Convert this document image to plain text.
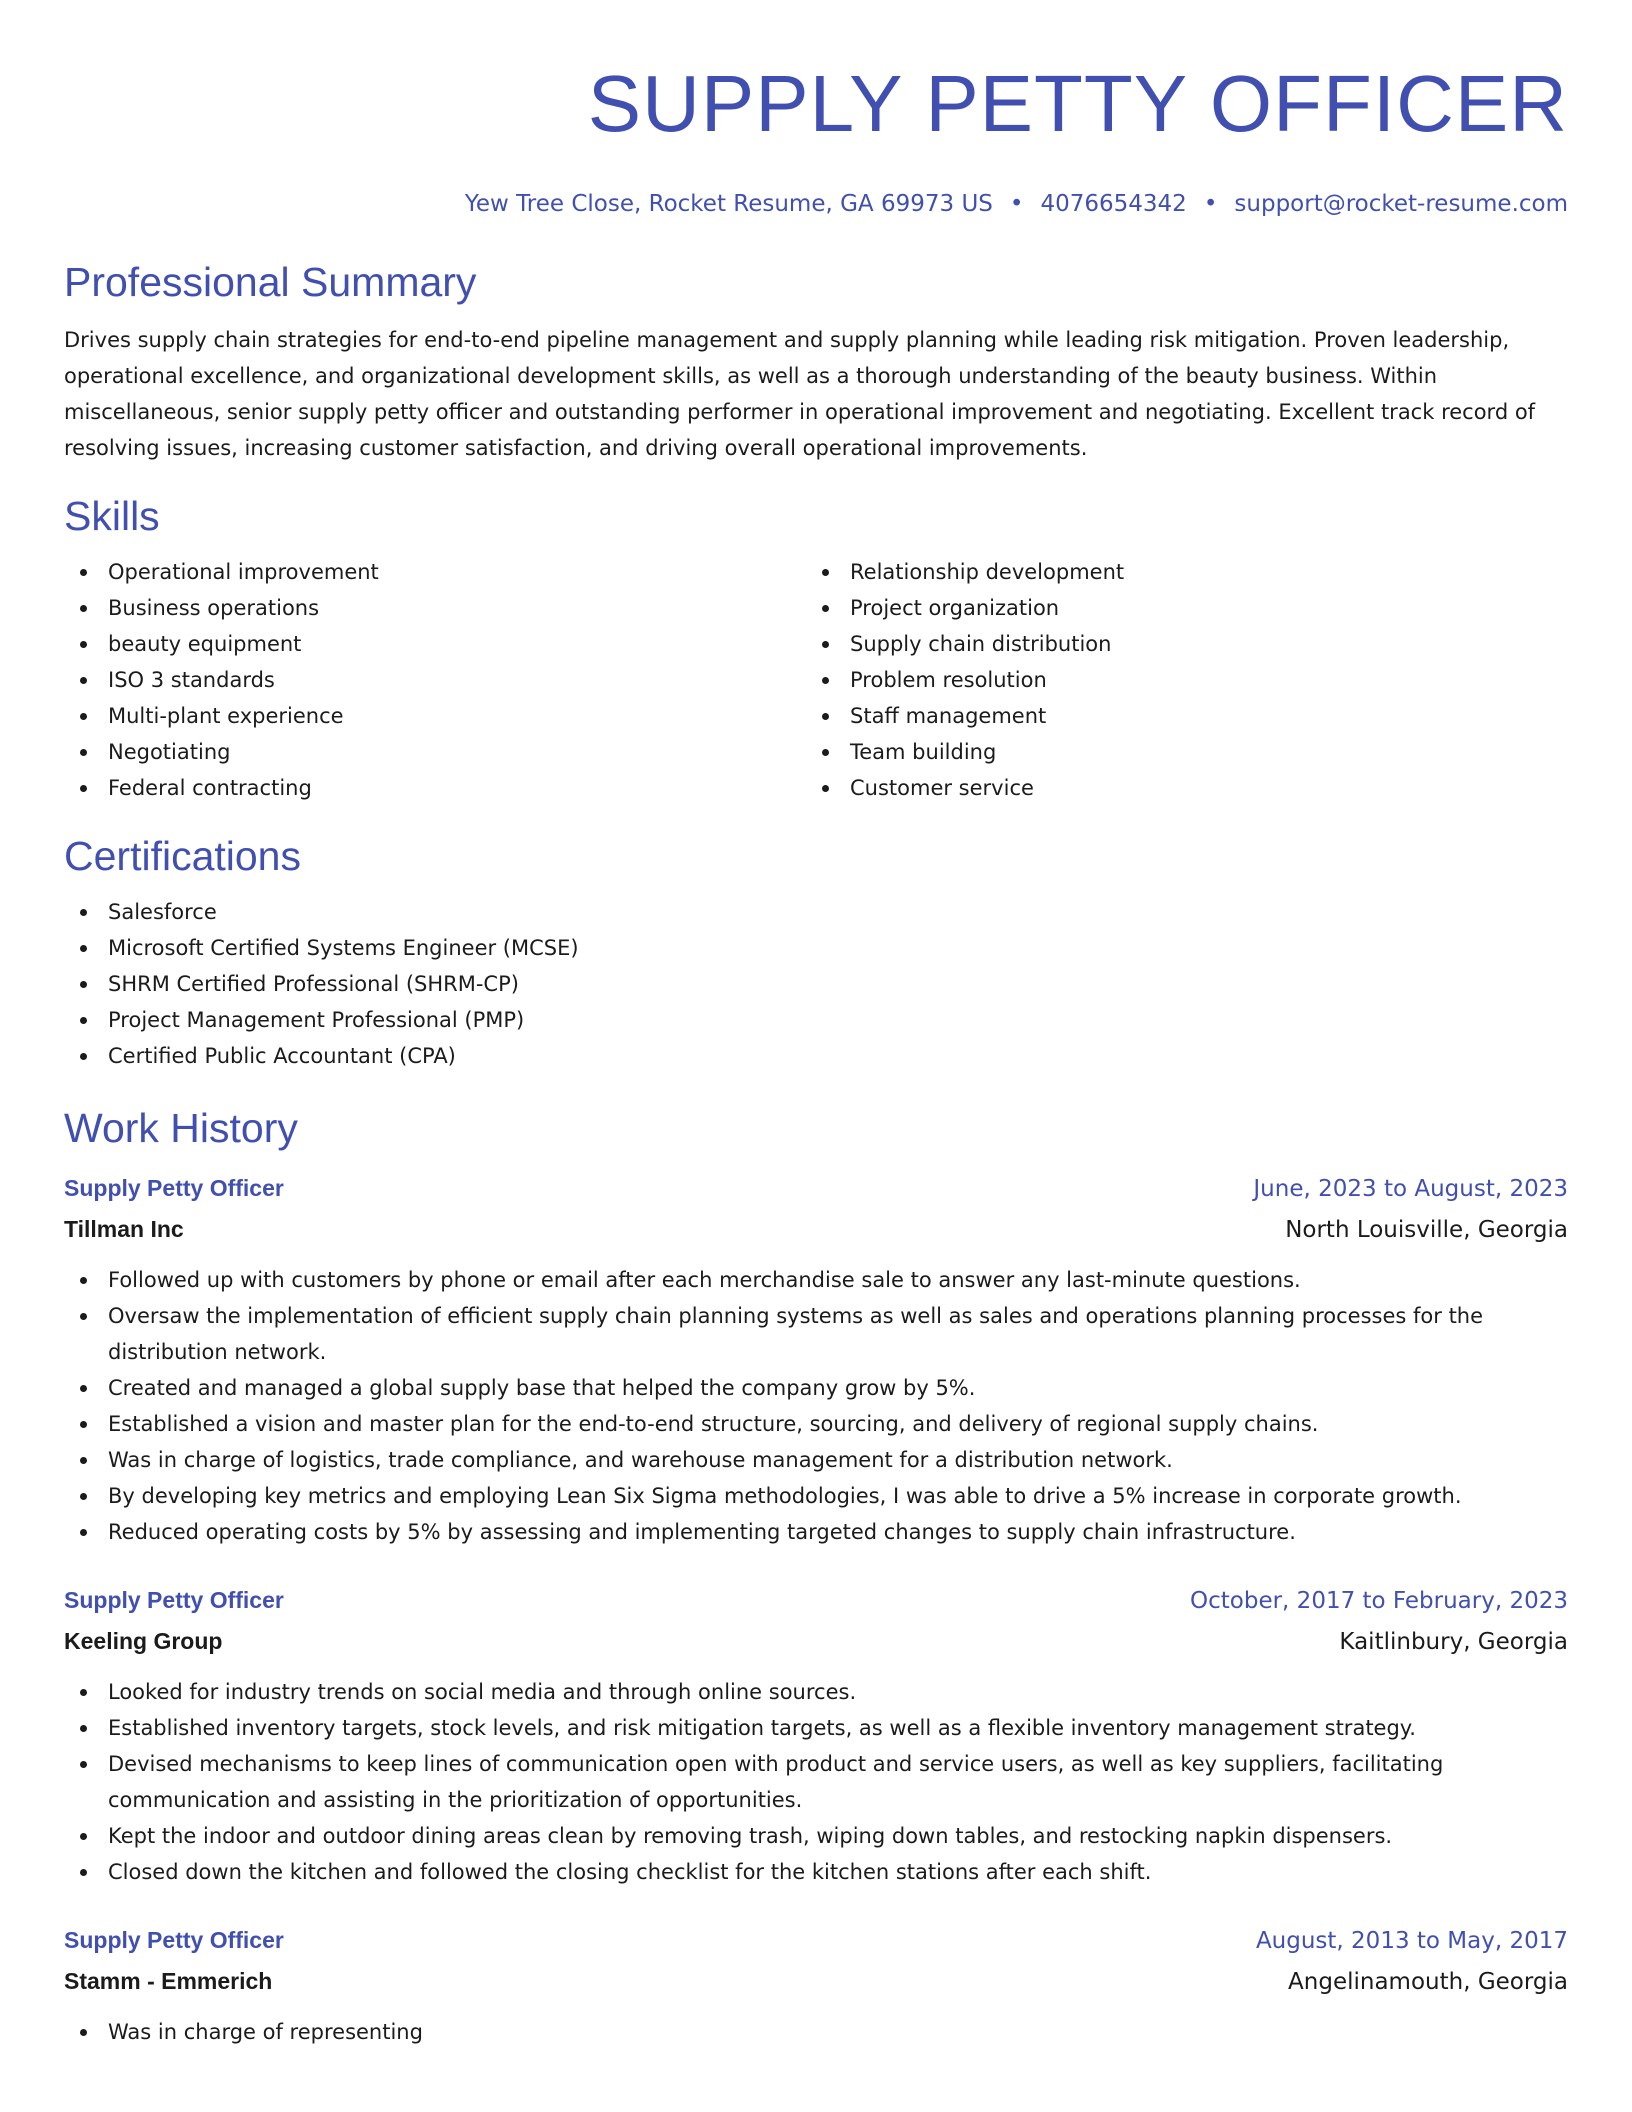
SUPPLY PETTY OFFICER
Yew Tree Close, Rocket Resume, GA 69973 US • 4076654342 • support@rocket-resume.com
Professional Summary

Drives supply chain strategies for end-to-end pipeline management and supply planning while leading risk mitigation. Proven leadership, operational excellence, and organizational development skills, as well as a thorough understanding of the beauty business. Within miscellaneous, senior supply petty officer and outstanding performer in operational improvement and negotiating. Excellent track record of resolving issues, increasing customer satisfaction, and driving overall operational improvements.

Skills
Operational improvement
Business operations
beauty equipment
ISO 3 standards
Multi-plant experience
Negotiating
Federal contracting
Relationship development
Project organization
Supply chain distribution
Problem resolution
Staff management
Team building
Customer service
Certifications
Salesforce
Microsoft Certified Systems Engineer (MCSE)
SHRM Certified Professional (SHRM-CP)
Project Management Professional (PMP)
Certified Public Accountant (CPA)
Work History
Supply Petty Officer	June, 2023 to August, 2023
Tillman Inc	North Louisville, Georgia
Followed up with customers by phone or email after each merchandise sale to answer any last-minute questions.
Oversaw the implementation of efficient supply chain planning systems as well as sales and operations planning processes for the distribution network.
Created and managed a global supply base that helped the company grow by 5%.
Established a vision and master plan for the end-to-end structure, sourcing, and delivery of regional supply chains.
Was in charge of logistics, trade compliance, and warehouse management for a distribution network.
By developing key metrics and employing Lean Six Sigma methodologies, I was able to drive a 5% increase in corporate growth.
Reduced operating costs by 5% by assessing and implementing targeted changes to supply chain infrastructure.
Supply Petty Officer	October, 2017 to February, 2023
Keeling Group	Kaitlinbury, Georgia
Looked for industry trends on social media and through online sources.
Established inventory targets, stock levels, and risk mitigation targets, as well as a flexible inventory management strategy.
Devised mechanisms to keep lines of communication open with product and service users, as well as key suppliers, facilitating communication and assisting in the prioritization of opportunities.
Kept the indoor and outdoor dining areas clean by removing trash, wiping down tables, and restocking napkin dispensers.
Closed down the kitchen and followed the closing checklist for the kitchen stations after each shift.
Supply Petty Officer	August, 2013 to May, 2017
Stamm - Emmerich	Angelinamouth, Georgia
Was in charge of representing
